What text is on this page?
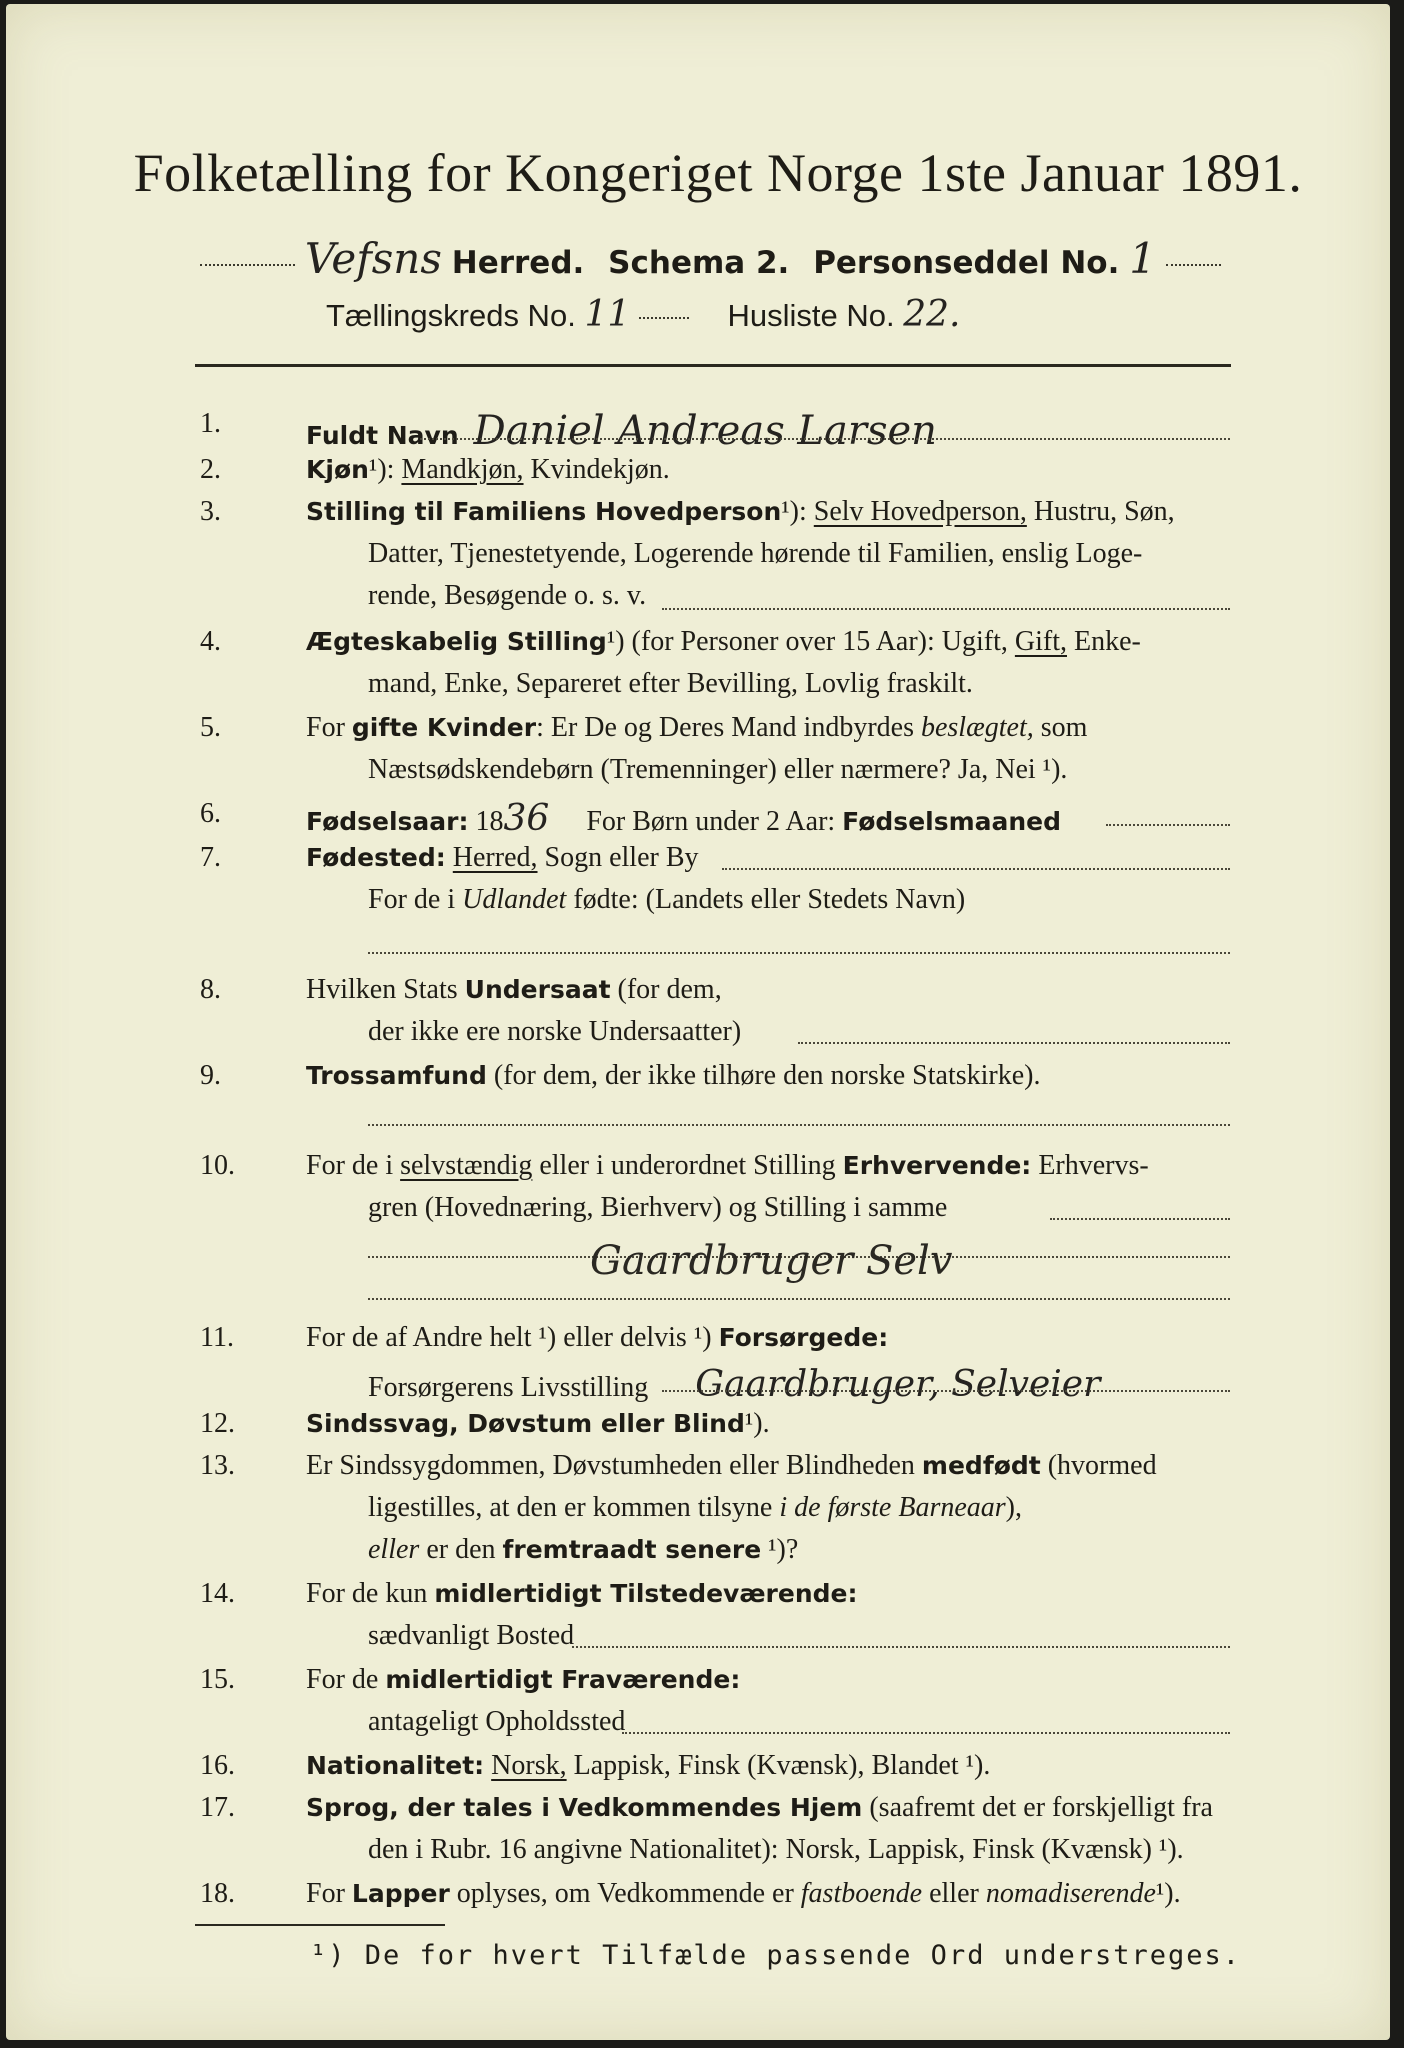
Folketælling for Kongeriget Norge 1ste Januar 1891.
Vefsns Herred. Schema 2. Personseddel No. 1
Tællingskreds No. 11	Husliste No. 22.
1.	Fuldt Navn Daniel Andreas Larsen
2.	Kjøn¹): Mandkjøn, Kvindekjøn.
3.	Stilling til Familiens Hovedperson¹): Selv Hovedperson, Hustru, Søn,
Datter, Tjenestetyende, Logerende hørende til Familien, enslig Loge-
rende, Besøgende o. s. v.
4.	Ægteskabelig Stilling¹) (for Personer over 15 Aar): Ugift, Gift, Enke-
mand, Enke, Separeret efter Bevilling, Lovlig fraskilt.
5.	For gifte Kvinder: Er De og Deres Mand indbyrdes beslægtet, som
Næstsødskendebørn (Tremenninger) eller nærmere? Ja, Nei ¹).
6.	Fødselsaar: 1836 For Børn under 2 Aar: Fødselsmaaned
7.	Fødested: Herred, Sogn eller By
For de i Udlandet fødte: (Landets eller Stedets Navn)
8.	Hvilken Stats Undersaat (for dem,
der ikke ere norske Undersaatter)
9.	Trossamfund (for dem, der ikke tilhøre den norske Statskirke).
10.	For de i selvstændig eller i underordnet Stilling Erhvervende: Erhvervs-
gren (Hovednæring, Bierhverv) og Stilling i samme
Gaardbruger Selv
11.	For de af Andre helt ¹) eller delvis ¹) Forsørgede:
Forsørgerens Livsstilling Gaardbruger, Selveier
12.	Sindssvag, Døvstum eller Blind¹).
13.	Er Sindssygdommen, Døvstumheden eller Blindheden medfødt (hvormed
ligestilles, at den er kommen tilsyne i de første Barneaar),
eller er den fremtraadt senere ¹)?
14.	For de kun midlertidigt Tilstedeværende:
sædvanligt Bosted
15.	For de midlertidigt Fraværende:
antageligt Opholdssted
16.	Nationalitet: Norsk, Lappisk, Finsk (Kvænsk), Blandet ¹).
17.	Sprog, der tales i Vedkommendes Hjem (saafremt det er forskjelligt fra
den i Rubr. 16 angivne Nationalitet): Norsk, Lappisk, Finsk (Kvænsk) ¹).
18.	For Lapper oplyses, om Vedkommende er fastboende eller nomadiserende¹).
¹) De for hvert Tilfælde passende Ord understreges.
